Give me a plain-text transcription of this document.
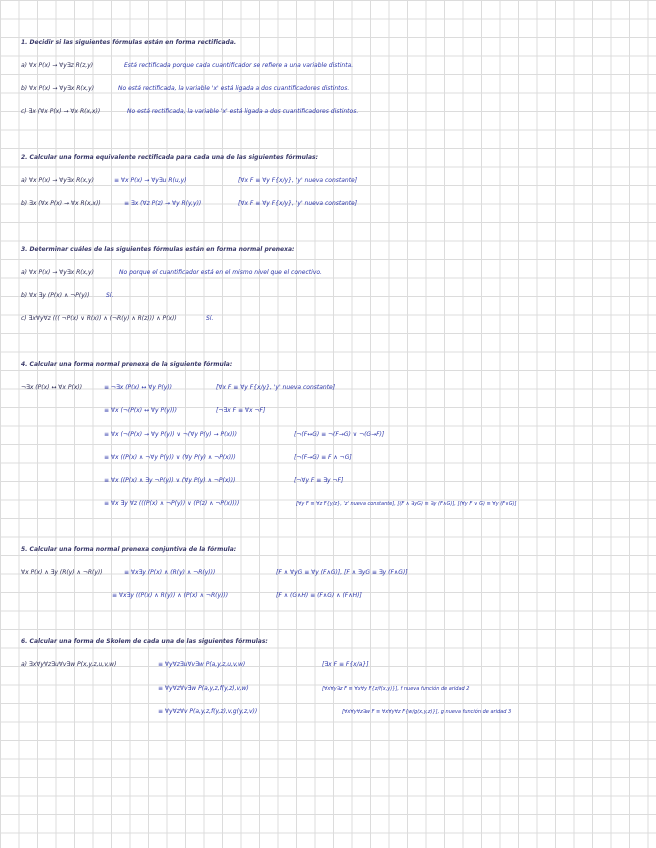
1. Decidir si las siguientes fórmulas están en forma rectificada.
a) ∀x P(x) → ∀y∃z R(z,y)	Está rectificada porque cada cuantificador se refiere a una variable distinta.
b) ∀x P(x) → ∀y∃x R(x,y)	No está rectificada, la variable 'x' está ligada a dos cuantificadores distintos.
c) ∃x (∀x P(x) → ∀x R(x,x))	No está rectificada, la variable 'x' está ligada a dos cuantificadores distintos.
2. Calcular una forma equivalente rectificada para cada una de las siguientes fórmulas:
a) ∀x P(x) → ∀y∃x R(x,y)	≡ ∀x P(x) → ∀y∃u R(u,y)	[∀x F ≡ ∀y F{x/y}, 'y' nueva constante]
b) ∃x (∀x P(x) → ∀x R(x,x))	≡ ∃x (∀z P(z) → ∀y R(y,y))	[∀x F ≡ ∀y F{x/y}, 'y' nueva constante]
3. Determinar cuáles de las siguientes fórmulas están en forma normal prenexa:
a) ∀x P(x) → ∀y∃x R(x,y)	No porque el cuantificador está en el mismo nivel que el conectivo.
b) ∀x ∃y (P(x) ∧ ¬P(y))	Sí.
c) ∃x∀y∀z ((( ¬P(x) ∨ R(x)) ∧ (¬R(y) ∧ R(z))) ∧ P(x))	Sí.
4. Calcular una forma normal prenexa de la siguiente fórmula:
¬∃x (P(x) ↔ ∀x P(x))	≡ ¬∃x (P(x) ↔ ∀y P(y))	[∀x F ≡ ∀y F{x/y}, 'y' nueva constante]
≡ ∀x (¬(P(x) ↔ ∀y P(y)))	[¬∃x F ≡ ∀x ¬F]
≡ ∀x (¬(P(x) → ∀y P(y)) ∨ ¬(∀y P(y) → P(x)))	[¬(F↔G) ≡ ¬(F→G) ∨ ¬(G→F)]
≡ ∀x ((P(x) ∧ ¬∀y P(y)) ∨ (∀y P(y) ∧ ¬P(x)))	[¬(F→G) ≡ F ∧ ¬G]
≡ ∀x ((P(x) ∧ ∃y ¬P(y)) ∨ (∀y P(y) ∧ ¬P(x)))	[¬∀y F ≡ ∃y ¬F]
≡ ∀x ∃y ∀z (((P(x) ∧ ¬P(y)) ∨ (P(z) ∧ ¬P(x))))	[∀y F ≡ ∀z F{y/z}, 'z' nueva constante], [(F ∧ ∃yG) ≡ ∃y (F∧G)], [(∀y F ∨ G) ≡ ∀y (F∨G)]
5. Calcular una forma normal prenexa conjuntiva de la fórmula:
∀x P(x) ∧ ∃y (R(y) ∧ ¬R(y))	≡ ∀x∃y (P(x) ∧ (R(y) ∧ ¬R(y)))	[F ∧ ∀yG ≡ ∀y (F∧G)], [F ∧ ∃yG ≡ ∃y (F∧G)]
≡ ∀x∃y ((P(x) ∧ R(y)) ∧ (P(x) ∧ ¬R(y)))	[F ∧ (G∧H) ≡ (F∧G) ∧ (F∧H)]
6. Calcular una forma de Skolem de cada una de las siguientes fórmulas:
a) ∃x∀y∀z∃u∀v∃w P(x,y,z,u,v,w)	≡ ∀y∀z∃u∀v∃w P(a,y,z,u,v,w)	[∃x F ≡ F{x/a}]
≡ ∀y∀z∀v∃w P(a,y,z,f(y,z),v,w)	[∀x∀y∃z F ≡ ∀x∀y F{z/f(x,y)}], f nueva función de aridad 2
≡ ∀y∀z∀v P(a,y,z,f(y,z),v,g(y,z,v))	[∀x∀y∀z∃w F ≡ ∀x∀y∀z F{w/g(x,y,z)}], g nueva función de aridad 3
